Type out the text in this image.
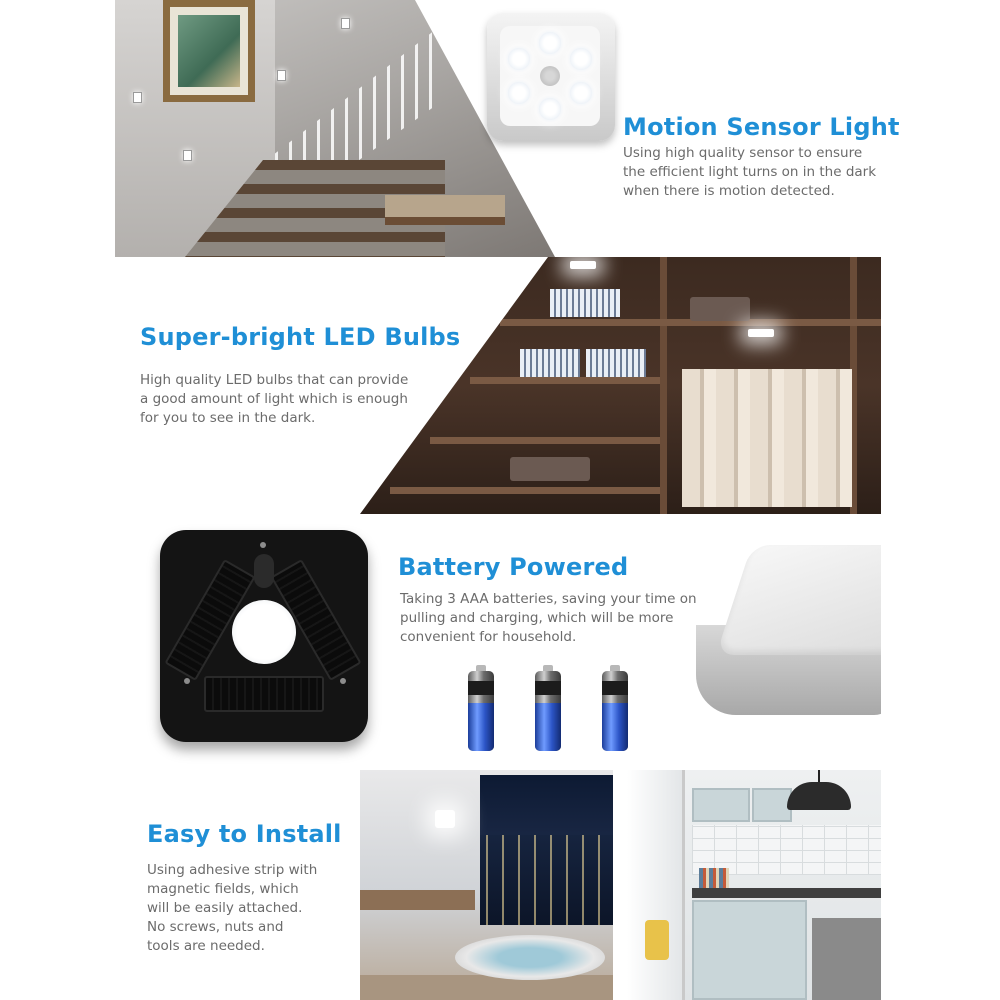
Motion Sensor Light
Using high quality sensor to ensure
the efficient light turns on in the dark
when there is motion detected.
Super-bright LED Bulbs
High quality LED bulbs that can provide
a good amount of light which is enough
for you to see in the dark.
Battery Powered
Taking 3 AAA batteries, saving your time on
pulling and charging, which will be more
convenient for household.
Easy to Install
Using adhesive strip with
magnetic fields, which
will be easily attached.
No screws, nuts and
tools are needed.
